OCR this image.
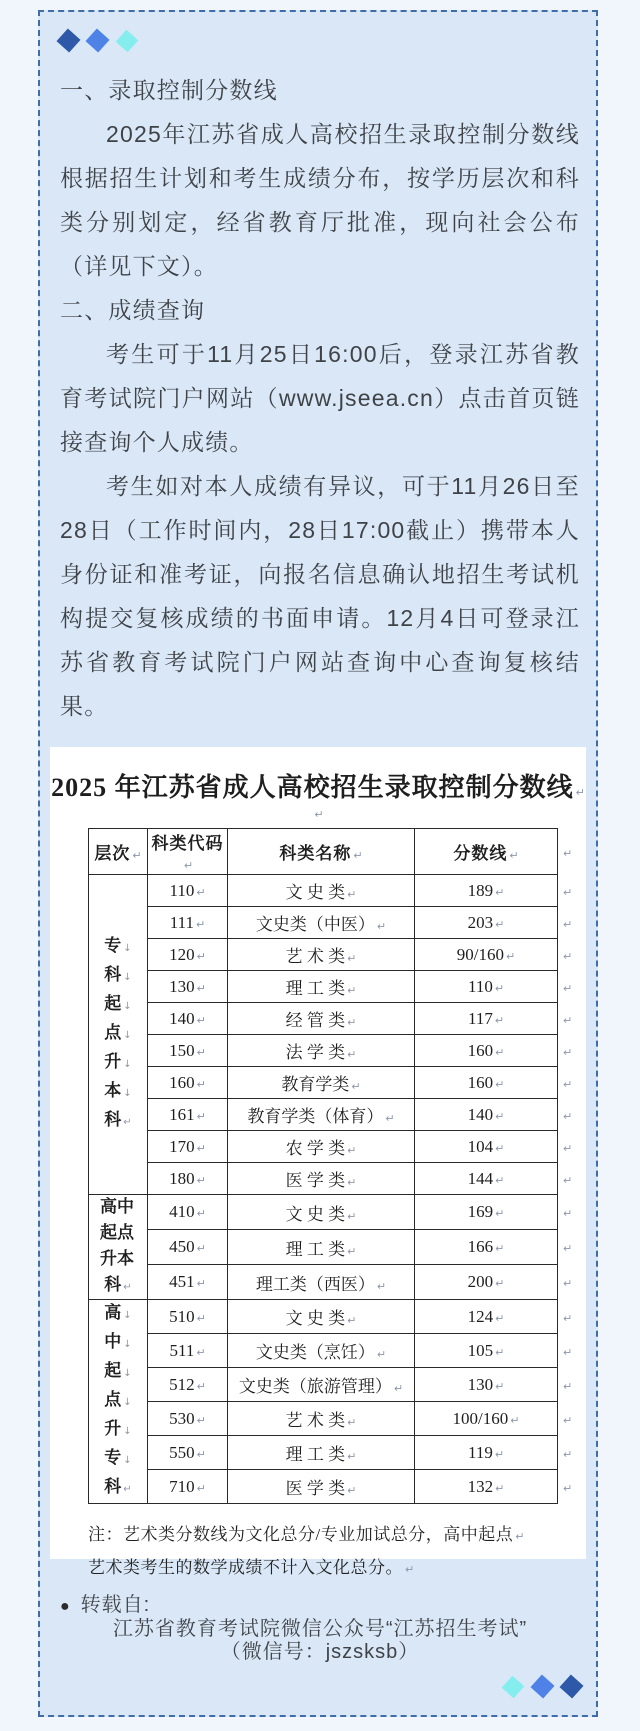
一、录取控制分数线

2025年江苏省成人高校招生录取控制分数线根据招生计划和考生成绩分布，按学历层次和科类分别划定，经省教育厅批准，现向社会公布（详见下文）。

二、成绩查询

考生可于11月25日16:00后，登录江苏省教育考试院门户网站（www.jseea.cn）点击首页链接查询个人成绩。

考生如对本人成绩有异议，可于11月26日至28日（工作时间内，28日17:00截止）携带本人身份证和准考证，向报名信息确认地招生考试机构提交复核成绩的书面申请。12月4日可登录江苏省教育考试院门户网站查询中心查询复核结果。

2025 年江苏省成人高校招生录取控制分数线 ↵
↵
层次 ↵	科类代码↵	科类名称 ↵	分数线 ↵	↵

专 ↓
科 ↓
起 ↓
点 ↓
升 ↓
本 ↓
科 ↵
	110 ↵	文 史 类 ↵	189 ↵	↵
	111 ↵	文史类（中医） ↵	203 ↵	↵
	120 ↵	艺 术 类 ↵	90/160 ↵	↵
	130 ↵	理 工 类 ↵	110 ↵	↵
	140 ↵	经 管 类 ↵	117 ↵	↵
	150 ↵	法 学 类 ↵	160 ↵	↵
	160 ↵	教育学类 ↵	160 ↵	↵
	161 ↵	教育学类（体育） ↵	140 ↵	↵
	170 ↵	农 学 类 ↵	104 ↵	↵
	180 ↵	医 学 类 ↵	144 ↵	↵

高中
起点
升本
科 ↵	410 ↵	文 史 类 ↵	169 ↵	↵
	450 ↵	理 工 类 ↵	166 ↵	↵
	451 ↵	理工类（西医） ↵	200 ↵	↵

高 ↓
中 ↓
起 ↓
点 ↓
升 ↓
专 ↓
科 ↵
	510 ↵	文 史 类 ↵	124 ↵	↵
	511 ↵	文史类（烹饪） ↵	105 ↵	↵
	512 ↵	文史类（旅游管理） ↵	130 ↵	↵
	530 ↵	艺 术 类 ↵	100/160 ↵	↵
	550 ↵	理 工 类 ↵	119 ↵	↵
	710 ↵	医 学 类 ↵	132 ↵	↵
注：艺术类分数线为文化总分/专业加试总分，高中起点 ↵
艺术类考生的数学成绩不计入文化总分。 ↵
● 转载自:
江苏省教育考试院微信公众号“江苏招生考试”
（微信号：jszsksb）
